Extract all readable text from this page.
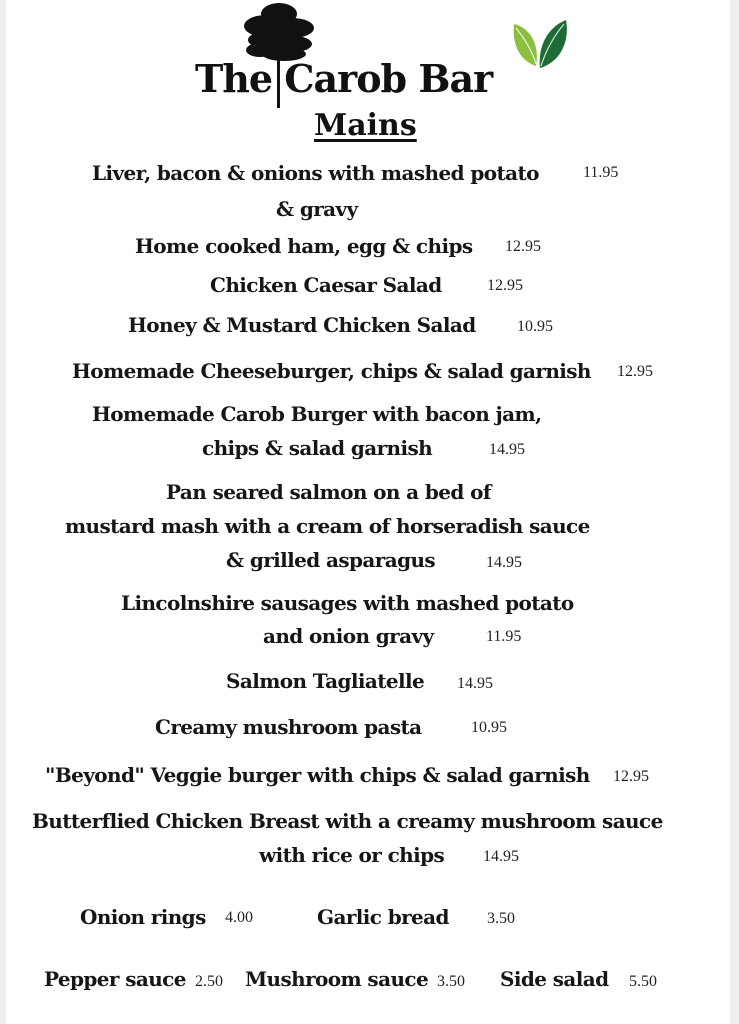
The Carob Bar
Mains
Liver, bacon & onions with mashed potato
& gravy
11.95
Home cooked ham, egg & chips 12.95
Chicken Caesar Salad	12.95
Honey & Mustard Chicken Salad	10.95
Homemade Cheeseburger, chips & salad garnish 12.95
Homemade Carob Burger with bacon jam,
chips & salad garnish	14.95
Pan seared salmon on a bed of
mustard mash with a cream of horseradish sauce
& grilled asparagus	14.95
Lincolnshire sausages with mashed potato
and onion gravy	11.95
Salmon Tagliatelle 14.95
Creamy mushroom pasta	10.95
"Beyond" Veggie burger with chips & salad garnish 12.95
Butterflied Chicken Breast with a creamy mushroom sauce
with rice or chips 14.95
Onion rings 4.00	Garlic bread 3.50
Pepper sauce 2.50 Mushroom sauce 3.50 Side salad 5.50
